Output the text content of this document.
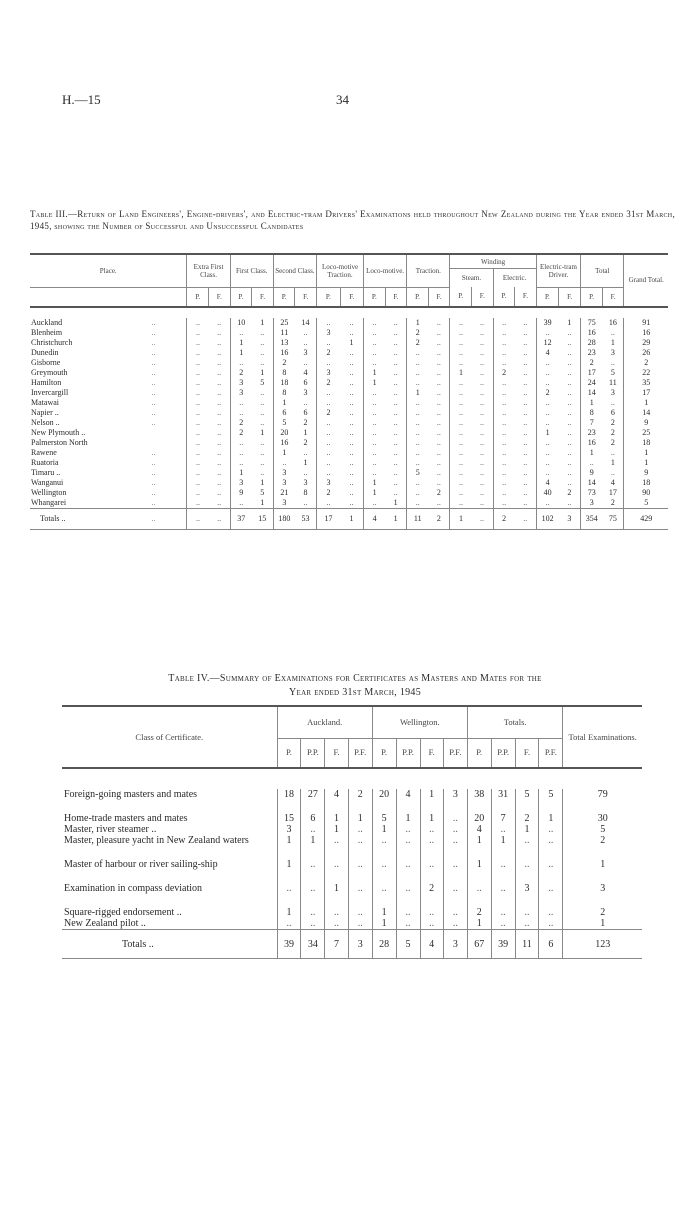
H.—15	34
Table III.—Return of Land Engineers', Engine-drivers', and Electric-tram Drivers' Examinations held throughout New Zealand during the Year ended 31st March, 1945, showing the Number of Successful and Unsuccessful Candidates
Place.		Extra First Class.		First Class.		Second Class.		Loco-motive Traction.		Loco-motive.		Traction.		Winding				Electric-tram Driver.		Total		Grand Total.
														Steam.		Electric.						
		P.	F.	P.	F.	P.	F.	P.	F.	P.	F.	P.	F.	P.	F.	P.	F.	P.	F.	P.	F.	

Auckland	..	..	..	10	1	25	14	..	..	..	..	1	..	..	..	..	..	39	1	75	16	91
Blenheim	..	..	..	..	..	11	..	3	..	..	..	2	..	..	..	..	..	..	..	16	..	16
Christchurch	..	..	..	1	..	13	..	..	1	..	..	2	..	..	..	..	..	12	..	28	1	29
Dunedin	..	..	..	1	..	16	3	2	..	..	..	..	..	..	..	..	..	4	..	23	3	26
Gisborne	..	..	..	..	..	2	..	..	..	..	..	..	..	..	..	..	..	..	..	2	..	2
Greymouth	..	..	..	2	1	8	4	3	..	1	..	..	..	1	..	2	..	..	..	17	5	22
Hamilton	..	..	..	3	5	18	6	2	..	1	..	..	..	..	..	..	..	..	..	24	11	35
Invercargill	..	..	..	3	..	8	3	..	..	..	..	1	..	..	..	..	..	2	..	14	3	17
Matawai	..	..	..	..	..	1	..	..	..	..	..	..	..	..	..	..	..	..	..	1	..	1
Napier ..	..	..	..	..	..	6	6	2	..	..	..	..	..	..	..	..	..	..	..	8	6	14
Nelson ..	..	..	..	2	..	5	2	..	..	..	..	..	..	..	..	..	..	..	..	7	2	9
New Plymouth ..		..	..	2	1	20	1	..	..	..	..	..	..	..	..	..	..	1	..	23	2	25
Palmerston North		..	..	..	..	16	2	..	..	..	..	..	..	..	..	..	..	..	..	16	2	18
Rawene	..	..	..	..	..	1	..	..	..	..	..	..	..	..	..	..	..	..	..	1	..	1
Ruatoria	..	..	..	..	..	..	1	..	..	..	..	..	..	..	..	..	..	..	..	..	1	1
Timaru ..	..	..	..	1	..	3	..	..	..	..	..	5	..	..	..	..	..	..	..	9	..	9
Wanganui	..	..	..	3	1	3	3	3	..	1	..	..	..	..	..	..	..	4	..	14	4	18
Wellington	..	..	..	9	5	21	8	2	..	1	..	..	2	..	..	..	..	40	2	73	17	90
Whangarei	..	..	..	..	1	3	..	..	..	..	1	..	..	..	..	..	..	..	..	3	2	5
Totals ..	..	..	..	37	15	180	53	17	1	4	1	11	2	1	..	2	..	102	3	354	75	429
Table IV.—Summary of Examinations for Certificates as Masters and Mates for the
Year ended 31st March, 1945
Class of Certificate.	Auckland.				Wellington.				Totals.				Total Examinations.
	P.	P.P.	F.	P.F.	P.	P.P.	F.	P.F.	P.	P.P.	F.	P.F.	

Foreign-going masters and mates	18	27	4	2	20	4	1	3	38	31	5	5	79
Home-trade masters and mates	15	6	1	1	5	1	1	..	20	7	2	1	30
Master, river steamer ..	3	..	1	..	1	..	..	..	4	..	1	..	5
Master, pleasure yacht in New Zealand waters	1	1	..	..	..	..	..	..	1	1	..	..	2
Master of harbour or river sailing-ship	1	..	..	..	..	..	..	..	1	..	..	..	1
Examination in compass deviation	..	..	1	..	..	..	2	..	..	..	3	..	3
Square-rigged endorsement ..	1	..	..	..	1	..	..	..	2	..	..	..	2
New Zealand pilot ..	..	..	..	..	1	..	..	..	1	..	..	..	1
Totals ..	39	34	7	3	28	5	4	3	67	39	11	6	123
